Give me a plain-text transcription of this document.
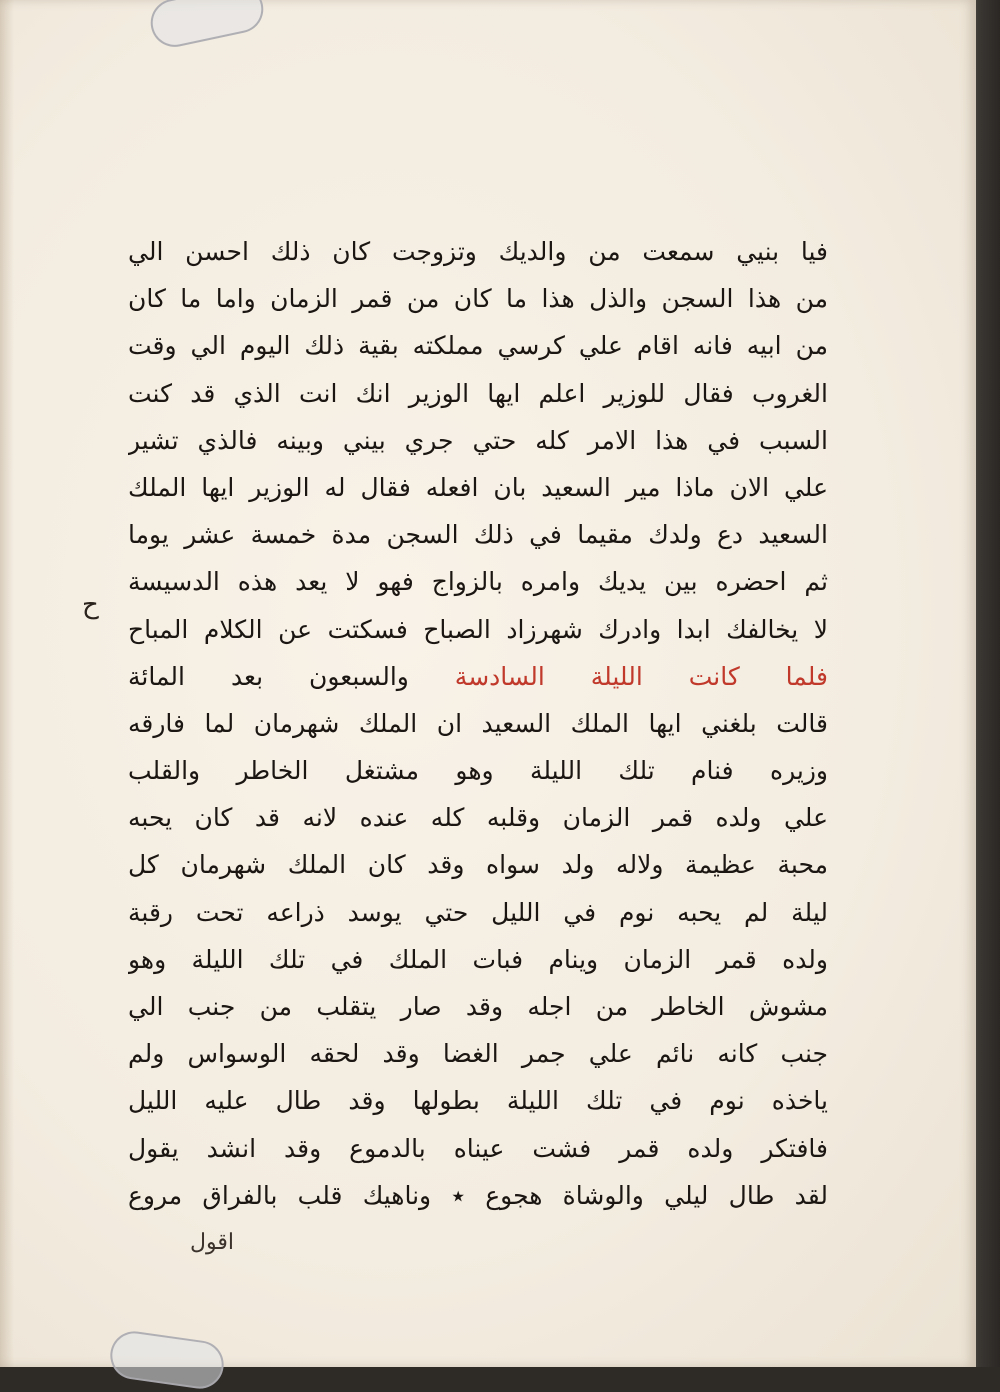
ح
فيا بنيي سمعت من والديك وتزوجت كان ذلك احسن الي
من هذا السجن والذل هذا ما كان من قمر الزمان واما ما كان
من ابيه فانه اقام علي كرسي مملكته بقية ذلك اليوم الي وقت
الغروب فقال للوزير اعلم ايها الوزير انك انت الذي قد كنت
السبب في هذا الامر كله حتي جري بيني وبينه فالذي تشير
علي الان ماذا مير السعيد بان افعله فقال له الوزير ايها الملك
السعيد دع ولدك مقيما في ذلك السجن مدة خمسة عشر يوما
ثم احضره بين يديك وامره بالزواج فهو لا يعد هذه الدسيسة
لا يخالفك ابدا وادرك شهرزاد الصباح فسكتت عن الكلام المباح
فلما كانت الليلة السادسة والسبعون بعد المائة
قالت بلغني ايها الملك السعيد ان الملك شهرمان لما فارقه
وزيره فنام تلك الليلة وهو مشتغل الخاطر والقلب
علي ولده قمر الزمان وقلبه كله عنده لانه قد كان يحبه
محبة عظيمة ولاله ولد سواه وقد كان الملك شهرمان كل
ليلة لم يحبه نوم في الليل حتي يوسد ذراعه تحت رقبة
ولده قمر الزمان وينام فبات الملك في تلك الليلة وهو
مشوش الخاطر من اجله وقد صار يتقلب من جنب الي
جنب كانه نائم علي جمر الغضا وقد لحقه الوسواس ولم
ياخذه نوم في تلك الليلة بطولها وقد طال عليه الليل
فافتكر ولده قمر فشت عيناه بالدموع وقد انشد يقول
لقد طال ليلي والوشاة هجوع ٭ وناهيك قلب بالفراق مروع
اقول
